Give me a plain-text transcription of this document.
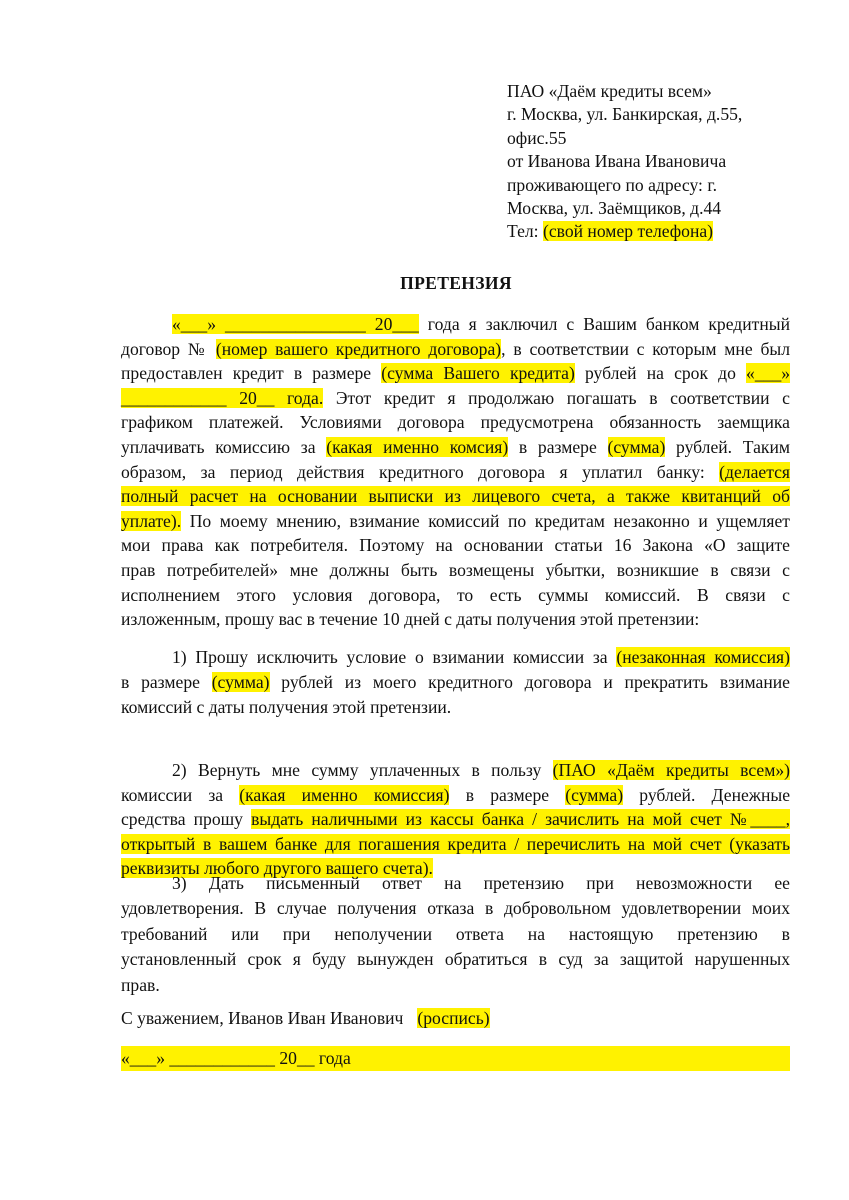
ПАО «Даём кредиты всем»
г. Москва, ул. Банкирская, д.55,
офис.55
от Иванова Ивана Ивановича
проживающего по адресу: г.
Москва, ул. Заёмщиков, д.44
Тел: (свой номер телефона)
ПРЕТЕНЗИЯ
«___» ________________ 20___ года я заключил с Вашим банком кредитный
договор № (номер вашего кредитного договора), в соответствии с которым мне был
предоставлен кредит в размере (сумма Вашего кредита) рублей на срок до «___»
____________ 20__ года. Этот кредит я продолжаю погашать в соответствии с
графиком платежей. Условиями договора предусмотрена обязанность заемщика
уплачивать комиссию за (какая именно комсия) в размере (сумма) рублей. Таким
образом, за период действия кредитного договора я уплатил банку: (делается
полный расчет на основании выписки из лицевого счета, а также квитанций об
уплате). По моему мнению, взимание комиссий по кредитам незаконно и ущемляет
мои права как потребителя. Поэтому на основании статьи 16 Закона «О защите
прав потребителей» мне должны быть возмещены убытки, возникшие в связи с
исполнением этого условия договора, то есть суммы комиссий. В связи с
изложенным, прошу вас в течение 10 дней с даты получения этой претензии:
1) Прошу исключить условие о взимании комиссии за (незаконная комиссия)
в размере (сумма) рублей из моего кредитного договора и прекратить взимание
комиссий с даты получения этой претензии.
2) Вернуть мне сумму уплаченных в пользу (ПАО «Даём кредиты всем»)
комиссии за (какая именно комиссия) в размере (сумма) рублей. Денежные
средства прошу выдать наличными из кассы банка / зачислить на мой счет №____,
открытый в вашем банке для погашения кредита / перечислить на мой счет (указать
реквизиты любого другого вашего счета).
3) Дать письменный ответ на претензию при невозможности ее
удовлетворения. В случае получения отказа в добровольном удовлетворении моих
требований или при неполучении ответа на настоящую претензию в
установленный срок я буду вынужден обратиться в суд за защитой нарушенных
прав.
С уважением, Иванов Иван Иванович (роспись)
«___» ____________ 20__ года
